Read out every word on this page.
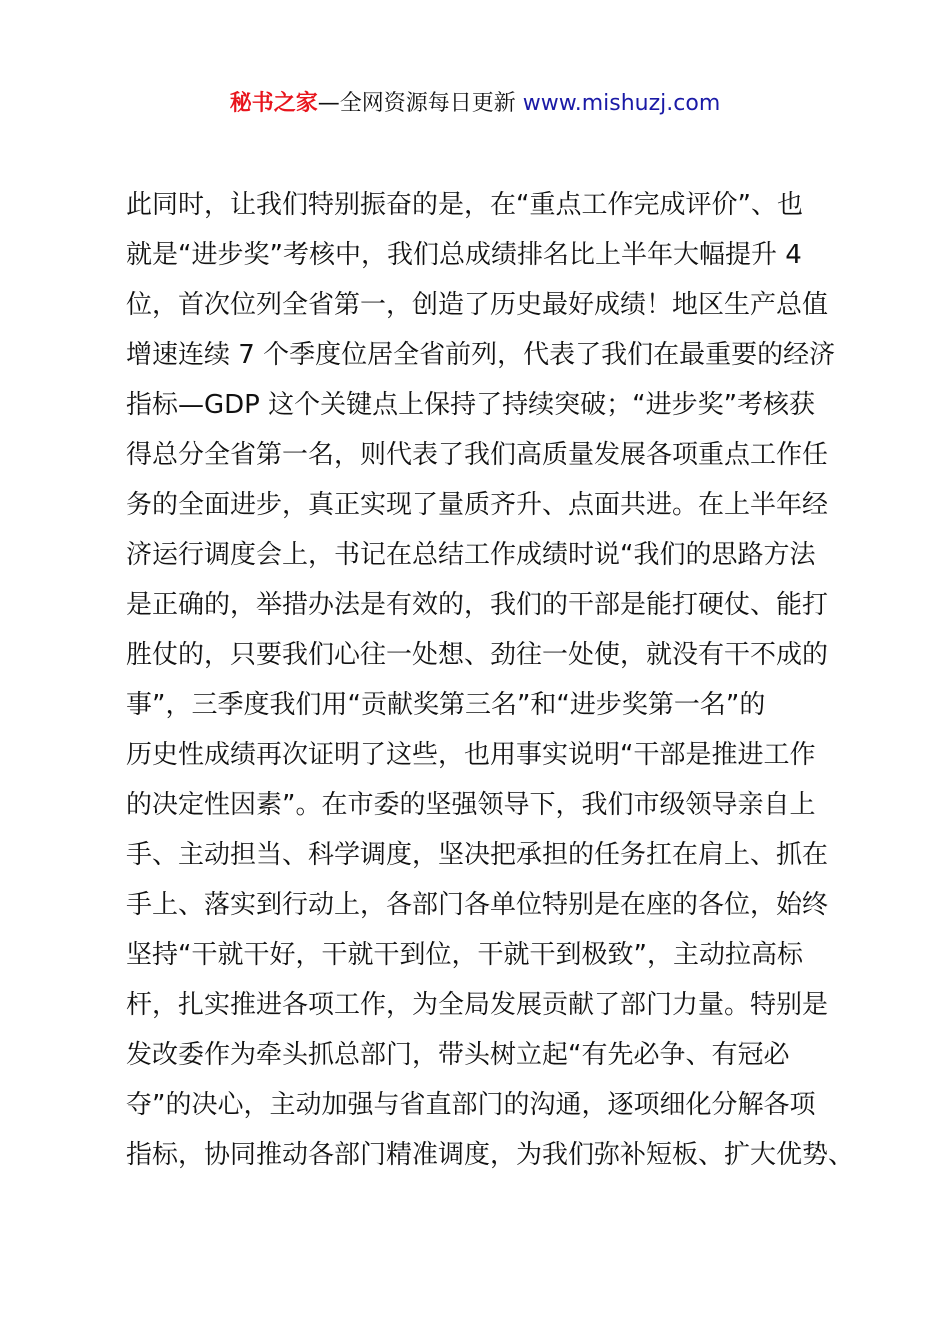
秘书之家—全网资源每日更新 www.mishuzj.com
此同时，让我们特别振奋的是，在“重点工作完成评价”、也
就是“进步奖”考核中，我们总成绩排名比上半年大幅提升 4
位，首次位列全省第一，创造了历史最好成绩！地区生产总值
增速连续 7 个季度位居全省前列，代表了我们在最重要的经济
指标—GDP 这个关键点上保持了持续突破；“进步奖”考核获
得总分全省第一名，则代表了我们高质量发展各项重点工作任
务的全面进步，真正实现了量质齐升、点面共进。在上半年经
济运行调度会上，书记在总结工作成绩时说“我们的思路方法
是正确的，举措办法是有效的，我们的干部是能打硬仗、能打
胜仗的，只要我们心往一处想、劲往一处使，就没有干不成的
事”，三季度我们用“贡献奖第三名”和“进步奖第一名”的
历史性成绩再次证明了这些，也用事实说明“干部是推进工作
的决定性因素”。在市委的坚强领导下，我们市级领导亲自上
手、主动担当、科学调度，坚决把承担的任务扛在肩上、抓在
手上、落实到行动上，各部门各单位特别是在座的各位，始终
坚持“干就干好，干就干到位，干就干到极致”，主动拉高标
杆，扎实推进各项工作，为全局发展贡献了部门力量。特别是
发改委作为牵头抓总部门，带头树立起“有先必争、有冠必
夺”的决心，主动加强与省直部门的沟通，逐项细化分解各项
指标，协同推动各部门精准调度，为我们弥补短板、扩大优势、
